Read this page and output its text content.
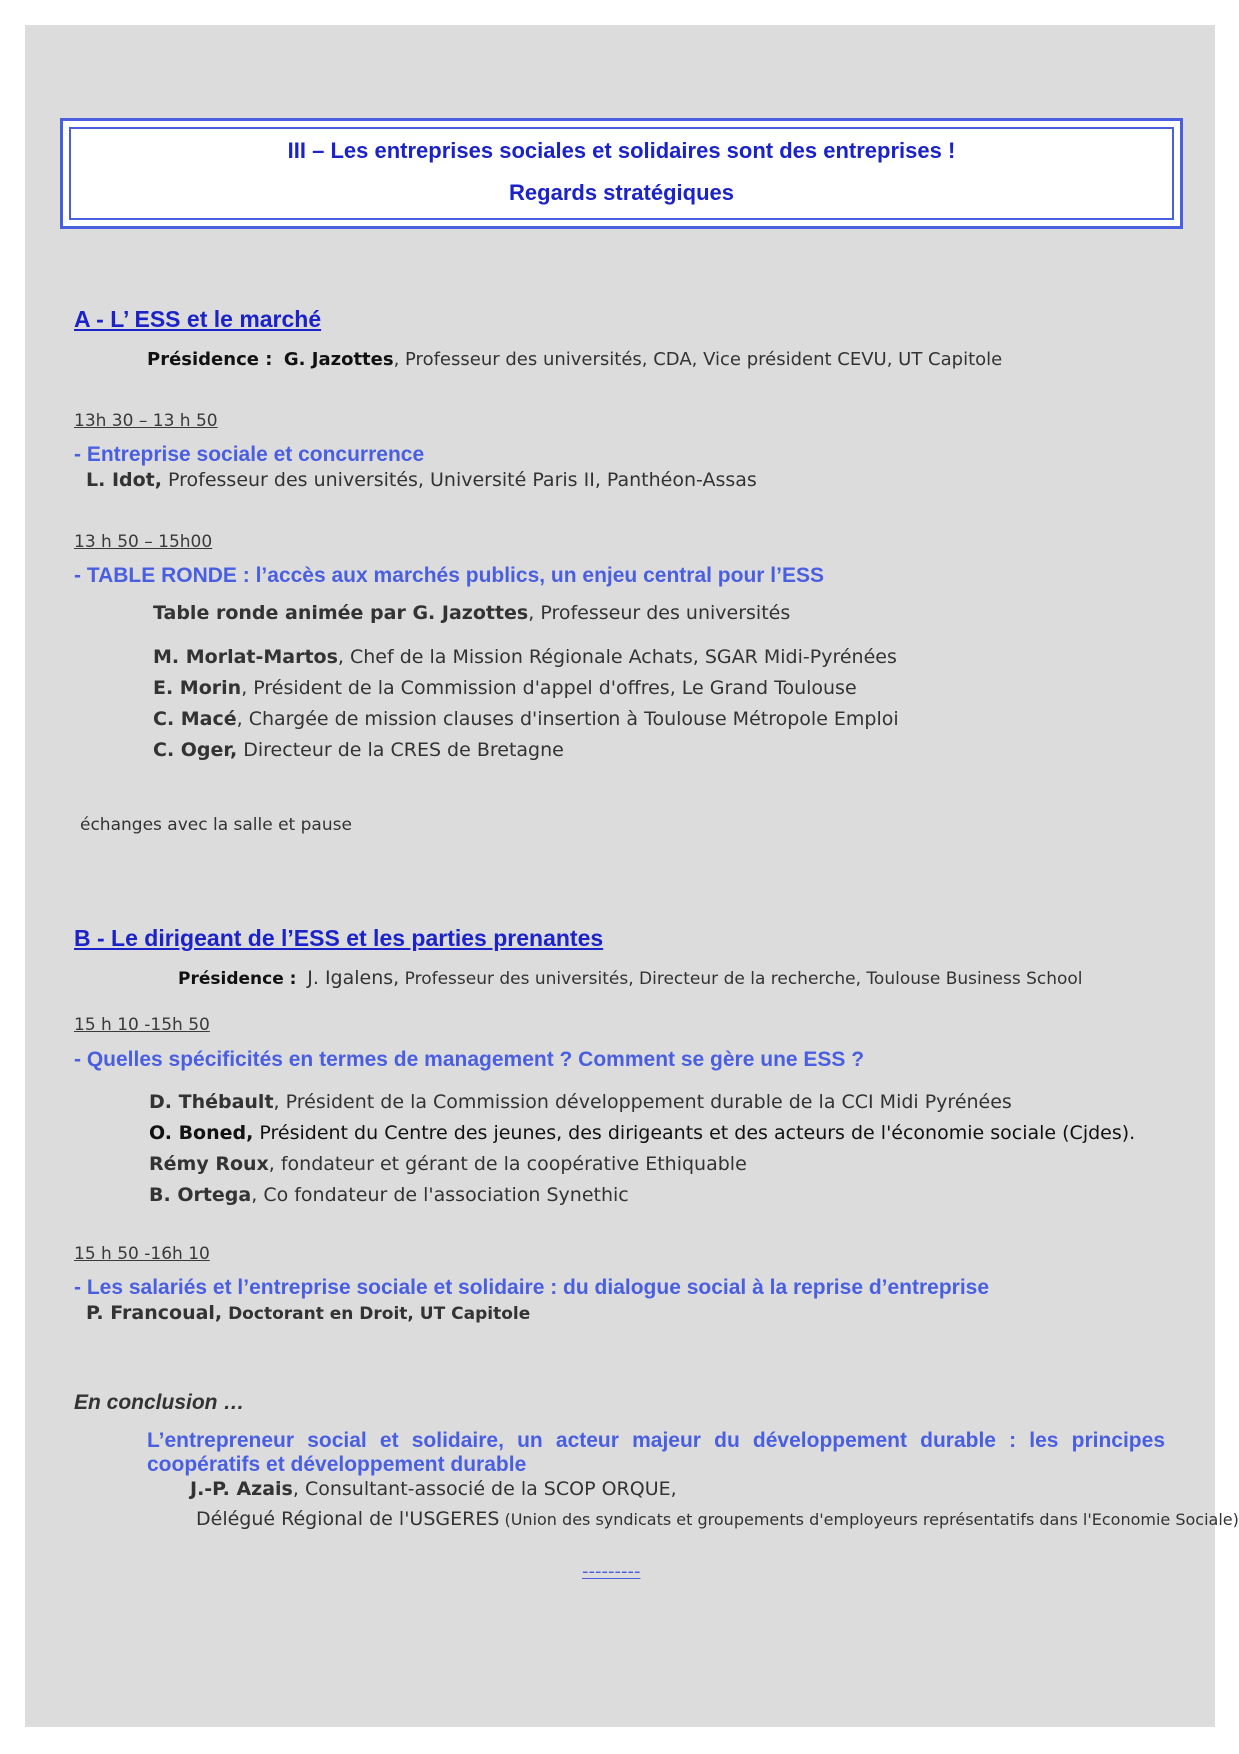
III – Les entreprises sociales et solidaires sont des entreprises !
Regards stratégiques
A - L’ ESS et le marché
Présidence : G. Jazottes, Professeur des universités, CDA, Vice président CEVU, UT Capitole
13h 30 – 13 h 50
- Entreprise sociale et concurrence
L. Idot, Professeur des universités, Université Paris II, Panthéon-Assas
13 h 50 – 15h00
- TABLE RONDE : l’accès aux marchés publics, un enjeu central pour l’ESS
Table ronde animée par G. Jazottes, Professeur des universités
M. Morlat-Martos, Chef de la Mission Régionale Achats, SGAR Midi-Pyrénées
E. Morin, Président de la Commission d'appel d'offres, Le Grand Toulouse
C. Macé, Chargée de mission clauses d'insertion à Toulouse Métropole Emploi
C. Oger, Directeur de la CRES de Bretagne
échanges avec la salle et pause
B - Le dirigeant de l’ESS et les parties prenantes
Présidence : J. Igalens, Professeur des universités, Directeur de la recherche, Toulouse Business School
15 h 10 -15h 50
- Quelles spécificités en termes de management ? Comment se gère une ESS ?
D. Thébault, Président de la Commission développement durable de la CCI Midi Pyrénées
O. Boned, Président du Centre des jeunes, des dirigeants et des acteurs de l'économie sociale (Cjdes).
Rémy Roux, fondateur et gérant de la coopérative Ethiquable
B. Ortega, Co fondateur de l'association Synethic
15 h 50 -16h 10
- Les salariés et l’entreprise sociale et solidaire : du dialogue social à la reprise d’entreprise
P. Francoual, Doctorant en Droit, UT Capitole
En conclusion …
L’entrepreneur social et solidaire, un acteur majeur du développement durable : les principes coopératifs et développement durable
J.-P. Azais, Consultant-associé de la SCOP ORQUE,
Délégué Régional de l'USGERES (Union des syndicats et groupements d'employeurs représentatifs dans l'Economie Sociale)
---------
